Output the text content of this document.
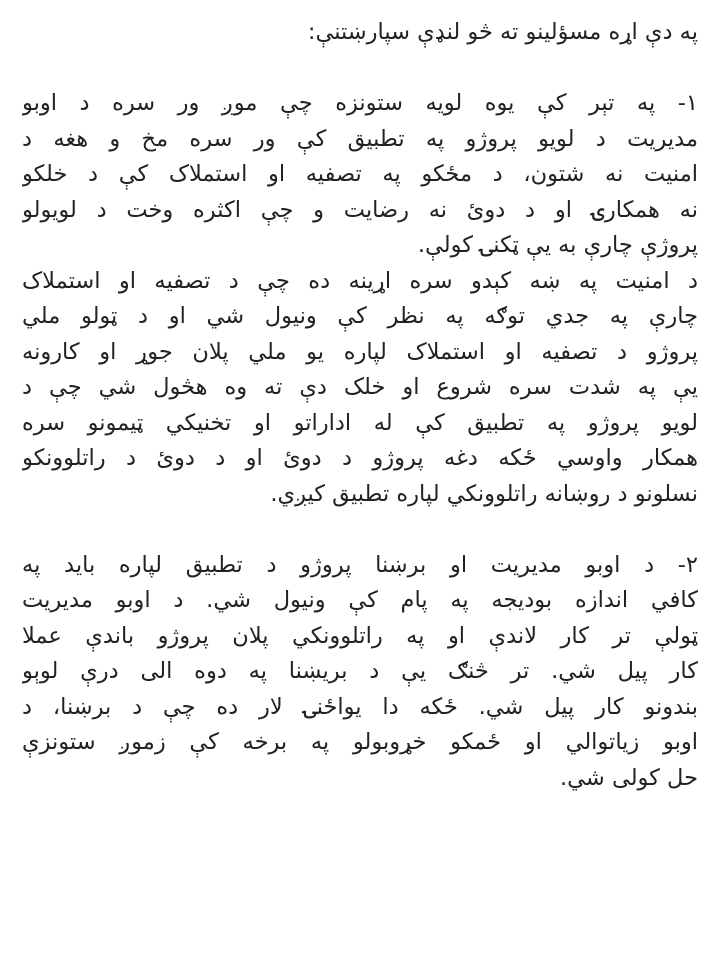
په دې اړه مسؤلینو ته څو لنډې سپارښتنې:
۱- په تېر کې یوه لویه ستونزه چې موږ ور سره د اوبو
مدیریت د لویو پروژو په تطبیق کې ور سره مخ و هغه د
امنیت نه شتون، د مځکو په تصفیه او استملاک کې د خلکو
نه همکارۍ او د دوئ نه رضایت و چې اکثره وخت د لویولو
پروژې چارې به یې ټکنۍ کولې.
د امنیت په ښه کېدو سره اړینه ده چې د تصفیه او استملاک
چارې په جدي توګه په نظر کې ونیول شي او د ټولو ملي
پروژو د تصفیه او استملاک لپاره یو ملي پلان جوړ او کارونه
یې په شدت سره شروع او خلک دې ته وه هڅول شي چې د
لویو پروژو په تطبیق کې له اداراتو او تخنیکي ټیمونو سره
همکار واوسي ځکه دغه پروژو د دوئ او د دوئ د راتلوونکو
نسلونو د روښانه راتلوونکي لپاره تطبیق کیږي.
۲- د اوبو مدیریت او برښنا پروژو د تطبیق لپاره باید په
کافي اندازه بودیجه په پام کې ونیول شي. د اوبو مدیریت
ټولې تر کار لاندې او په راتلوونکي پلان پروژو باندې عملا
کار پیل شي. تر څنګ یې د بریښنا په دوه الی درې لوېو
بندونو کار پیل شي. ځکه دا یواځنۍ لار ده چې د برښنا، د
اوبو زیاتوالي او ځمکو خړوبولو په برخه کې زموږ ستونزې
حل کولی شي.
